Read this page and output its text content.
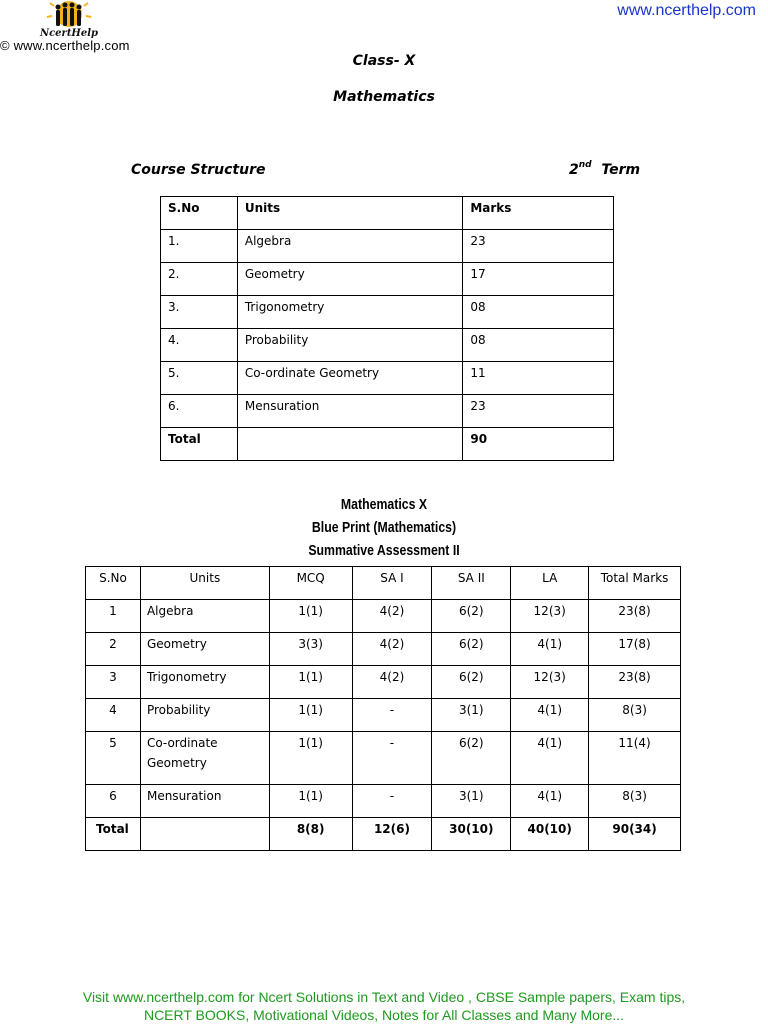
NcertHelp
© www.ncerthelp.com
www.ncerthelp.com
Class- X
Mathematics
Course Structure	2nd Term
S.No	Units	Marks
1.	Algebra	23
2.	Geometry	17
3.	Trigonometry	08
4.	Probability	08
5.	Co-ordinate Geometry	11
6.	Mensuration	23
Total		90
Mathematics X
Blue Print (Mathematics)
Summative Assessment II
S.No	Units	MCQ	SA I	SA II	LA	Total Marks
1	Algebra	1(1)	4(2)	6(2)	12(3)	23(8)
2	Geometry	3(3)	4(2)	6(2)	4(1)	17(8)
3	Trigonometry	1(1)	4(2)	6(2)	12(3)	23(8)
4	Probability	1(1)	-	3(1)	4(1)	8(3)
5	Co-ordinate Geometry	1(1)	-	6(2)	4(1)	11(4)
6	Mensuration	1(1)	-	3(1)	4(1)	8(3)
Total		8(8)	12(6)	30(10)	40(10)	90(34)
Visit www.ncerthelp.com for Ncert Solutions in Text and Video , CBSE Sample papers, Exam tips,
NCERT BOOKS, Motivational Videos, Notes for All Classes and Many More...
